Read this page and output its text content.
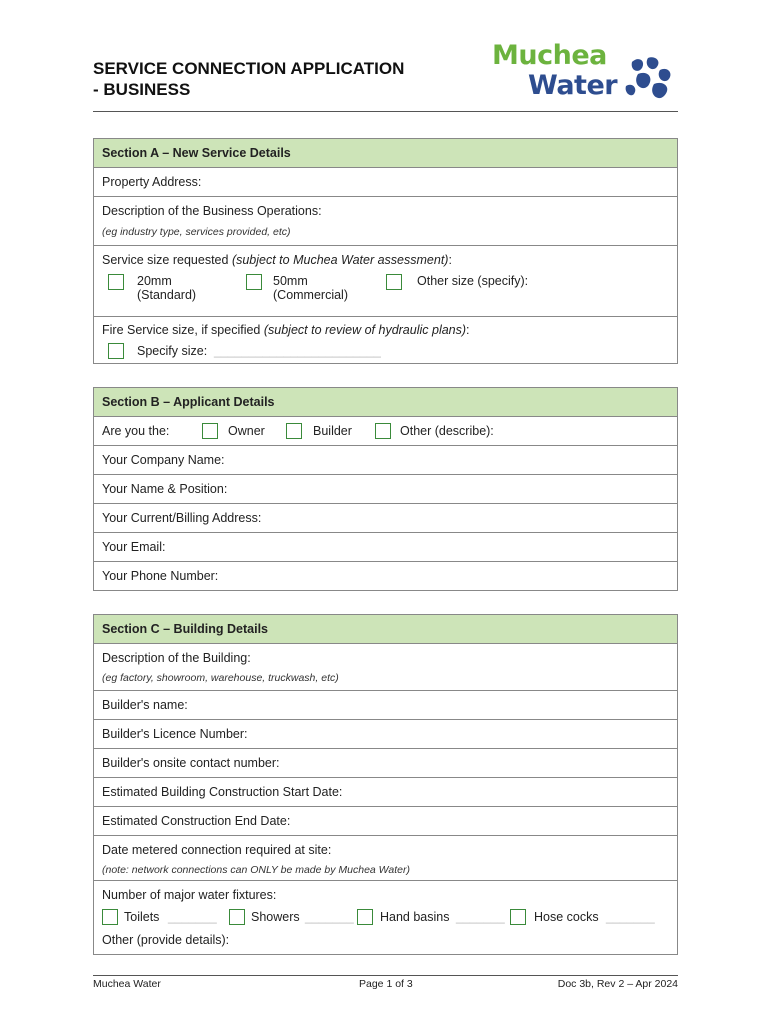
SERVICE CONNECTION APPLICATION
- BUSINESS
Muchea
Water
Section A – New Service Details
Property Address:

Description of the Business Operations:
(eg industry type, services provided, etc)

Service size requested (subject to Muchea Water assessment):
20mm
(Standard)
50mm
(Commercial)
Other size (specify):

Fire Service size, if specified (subject to review of hydraulic plans):
Specify size: ________________________
Section B – Applicant Details

Are you the:	Owner	Builder	Other (describe):

Your Company Name:
Your Name & Position:
Your Current/Billing Address:
Your Email:
Your Phone Number:
Section C – Building Details

Description of the Building:
(eg factory, showroom, warehouse, truckwash, etc)

Builder's name:
Builder's Licence Number:
Builder's onsite contact number:
Estimated Building Construction Start Date:
Estimated Construction End Date:

Date metered connection required at site:
(note: network connections can ONLY be made by Muchea Water)

Number of major water fixtures:
Toilets _______	Showers _______ Hand basins _______ Hose cocks _______
Other (provide details):
Muchea Water	Page 1 of 3	Doc 3b, Rev 2 – Apr 2024
